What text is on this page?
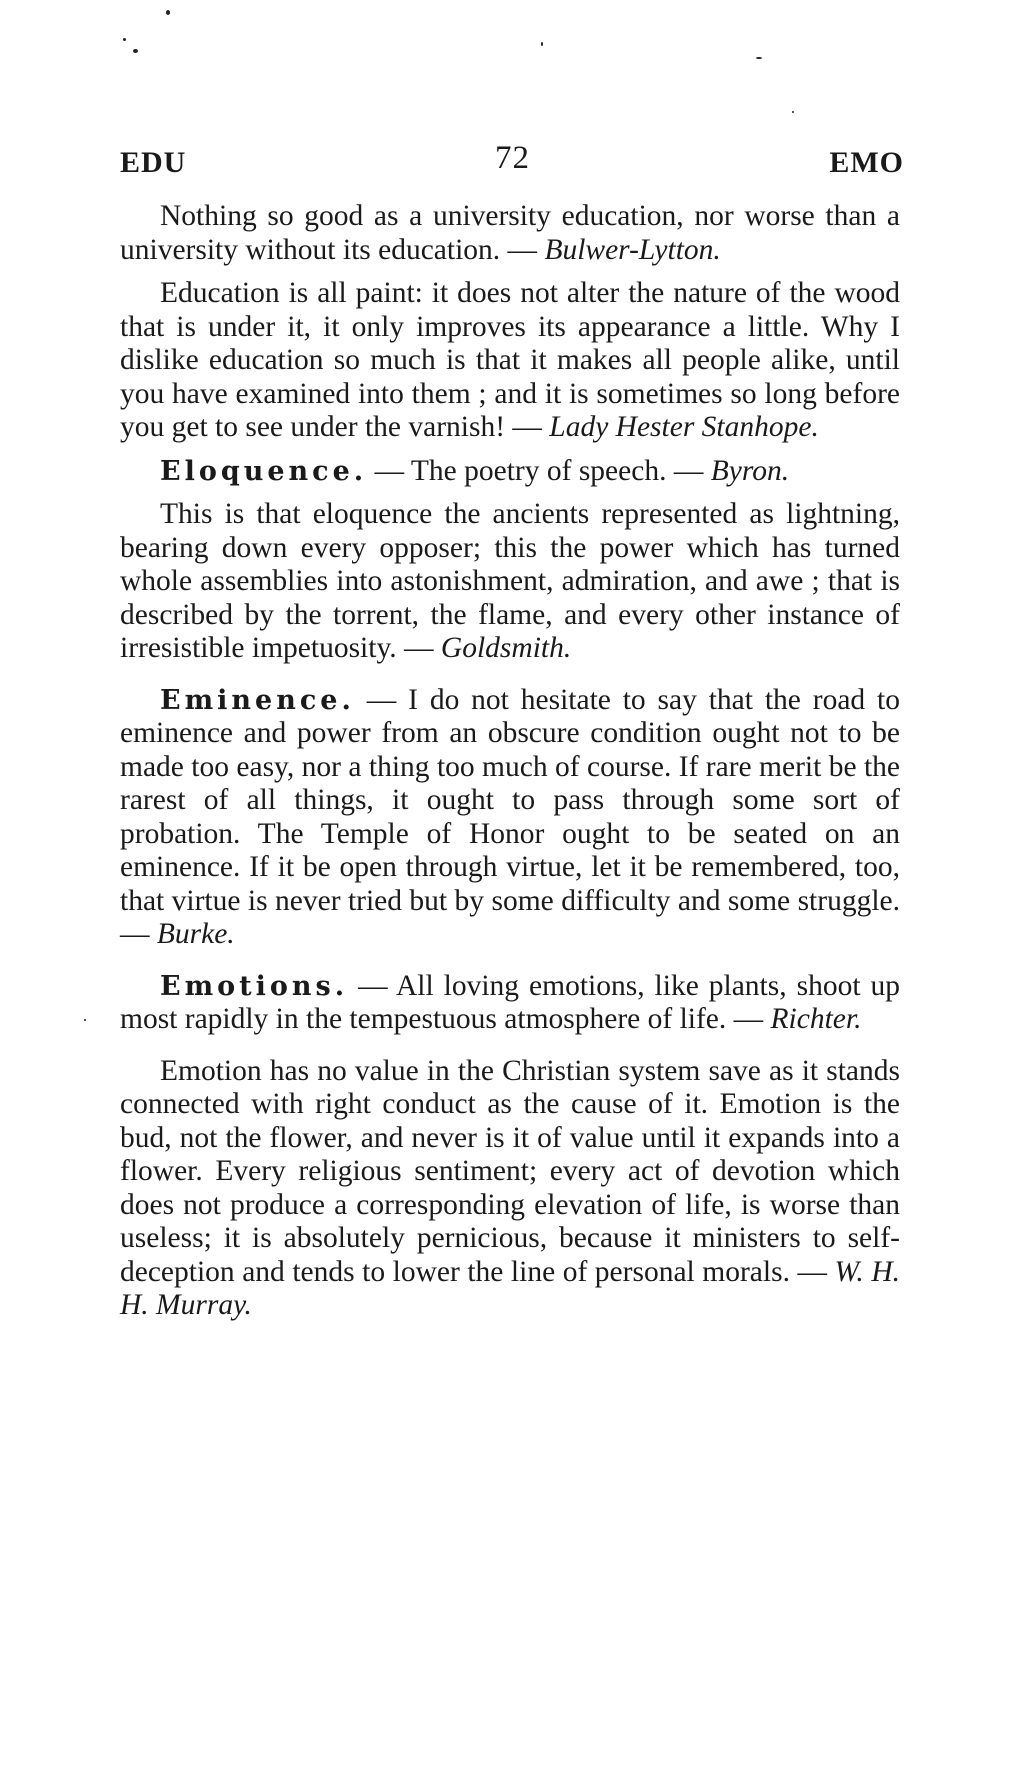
EDU	72	EMO

Nothing so good as a university education, nor worse than a university without its education. — Bulwer-Lytton.

Education is all paint: it does not alter the nature of the wood that is under it, it only improves its appearance a little. Why I dislike education so much is that it makes all people alike, until you have examined into them ; and it is sometimes so long before you get to see under the varnish! — Lady Hester Stanhope.

Eloquence. — The poetry of speech. — Byron.

This is that eloquence the ancients represented as lightning, bearing down every opposer; this the power which has turned whole assemblies into astonishment, admiration, and awe ; that is described by the torrent, the flame, and every other instance of irresistible impetuosity. — Goldsmith.

Eminence. — I do not hesitate to say that the road to eminence and power from an obscure condition ought not to be made too easy, nor a thing too much of course. If rare merit be the rarest of all things, it ought to pass through some sort of probation. The Temple of Honor ought to be seated on an eminence. If it be open through virtue, let it be remembered, too, that virtue is never tried but by some difficulty and some struggle. — Burke.

Emotions. — All loving emotions, like plants, shoot up most rapidly in the tempestuous atmosphere of life. — Richter.

Emotion has no value in the Christian system save as it stands connected with right conduct as the cause of it. Emotion is the bud, not the flower, and never is it of value until it expands into a flower. Every religious sentiment; every act of devotion which does not produce a corresponding elevation of life, is worse than useless; it is absolutely pernicious, because it ministers to self-deception and tends to lower the line of personal morals. — W. H. H. Murray.
